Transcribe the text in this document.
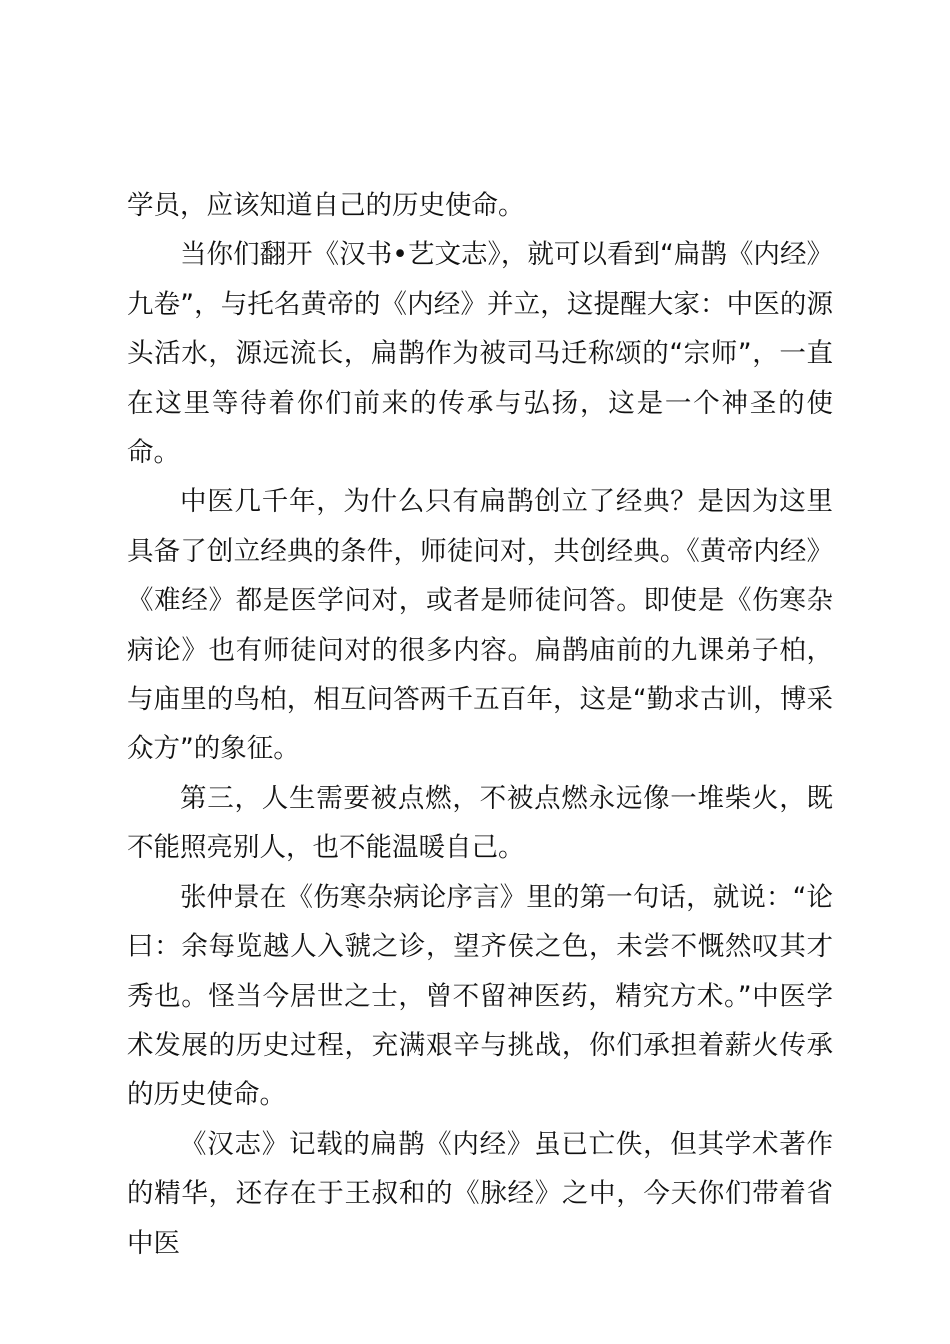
学员，应该知道自己的历史使命。

当你们翻开《汉书•艺文志》，就可以看到“扁鹊《内经》九卷”，与托名黄帝的《内经》并立，这提醒大家：中医的源头活水，源远流长，扁鹊作为被司马迁称颂的“宗师”，一直在这里等待着你们前来的传承与弘扬，这是一个神圣的使命。

中医几千年，为什么只有扁鹊创立了经典？是因为这里具备了创立经典的条件，师徒问对，共创经典。《黄帝内经》《难经》都是医学问对，或者是师徒问答。即使是《伤寒杂病论》也有师徒问对的很多内容。扁鹊庙前的九课弟子柏，与庙里的鸟柏，相互问答两千五百年，这是“勤求古训，博采众方”的象征。

第三，人生需要被点燃，不被点燃永远像一堆柴火，既不能照亮别人，也不能温暖自己。

张仲景在《伤寒杂病论序言》里的第一句话，就说：“论曰：余每览越人入虢之诊，望齐侯之色，未尝不慨然叹其才秀也。怪当今居世之士，曾不留神医药，精究方术。”中医学术发展的历史过程，充满艰辛与挑战，你们承担着薪火传承的历史使命。

《汉志》记载的扁鹊《内经》虽已亡佚，但其学术著作的精华，还存在于王叔和的《脉经》之中，今天你们带着省中医
